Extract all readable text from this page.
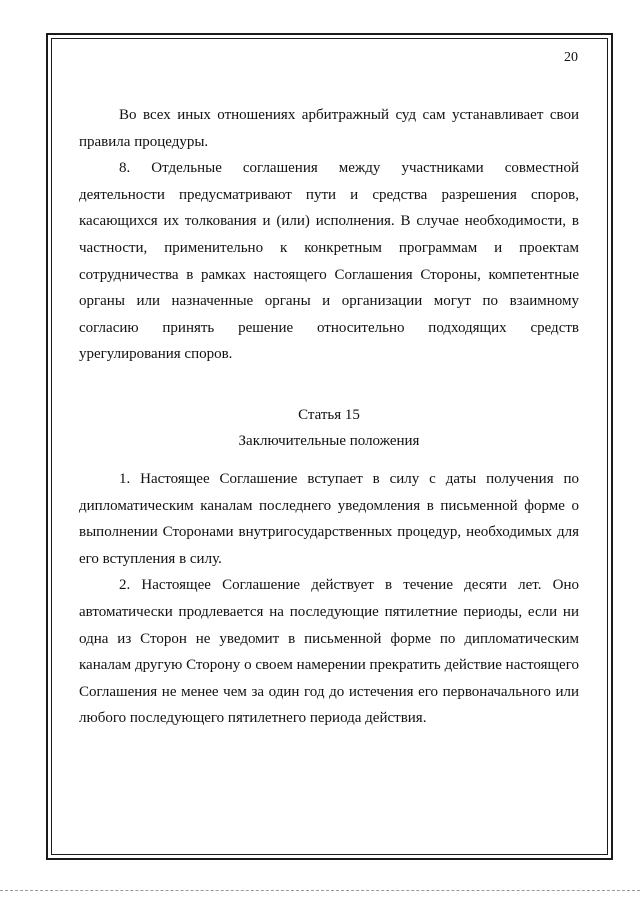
20

Во всех иных отношениях арбитражный суд сам устанавливает свои правила процедуры.

8. Отдельные соглашения между участниками совместной деятельности предусматривают пути и средства разрешения споров, касающихся их толкования и (или) исполнения. В случае необходимости, в частности, применительно к конкретным программам и проектам сотрудничества в рамках настоящего Соглашения Стороны, компетентные органы или назначенные органы и организации могут по взаимному согласию принять решение относительно подходящих средств урегулирования споров.

Статья 15
Заключительные положения

1. Настоящее Соглашение вступает в силу с даты получения по дипломатическим каналам последнего уведомления в письменной форме о выполнении Сторонами внутригосударственных процедур, необходимых для его вступления в силу.

2. Настоящее Соглашение действует в течение десяти лет. Оно автоматически продлевается на последующие пятилетние периоды, если ни одна из Сторон не уведомит в письменной форме по дипломатическим каналам другую Сторону о своем намерении прекратить действие настоящего Соглашения не менее чем за один год до истечения его первоначального или любого последующего пятилетнего периода действия.
